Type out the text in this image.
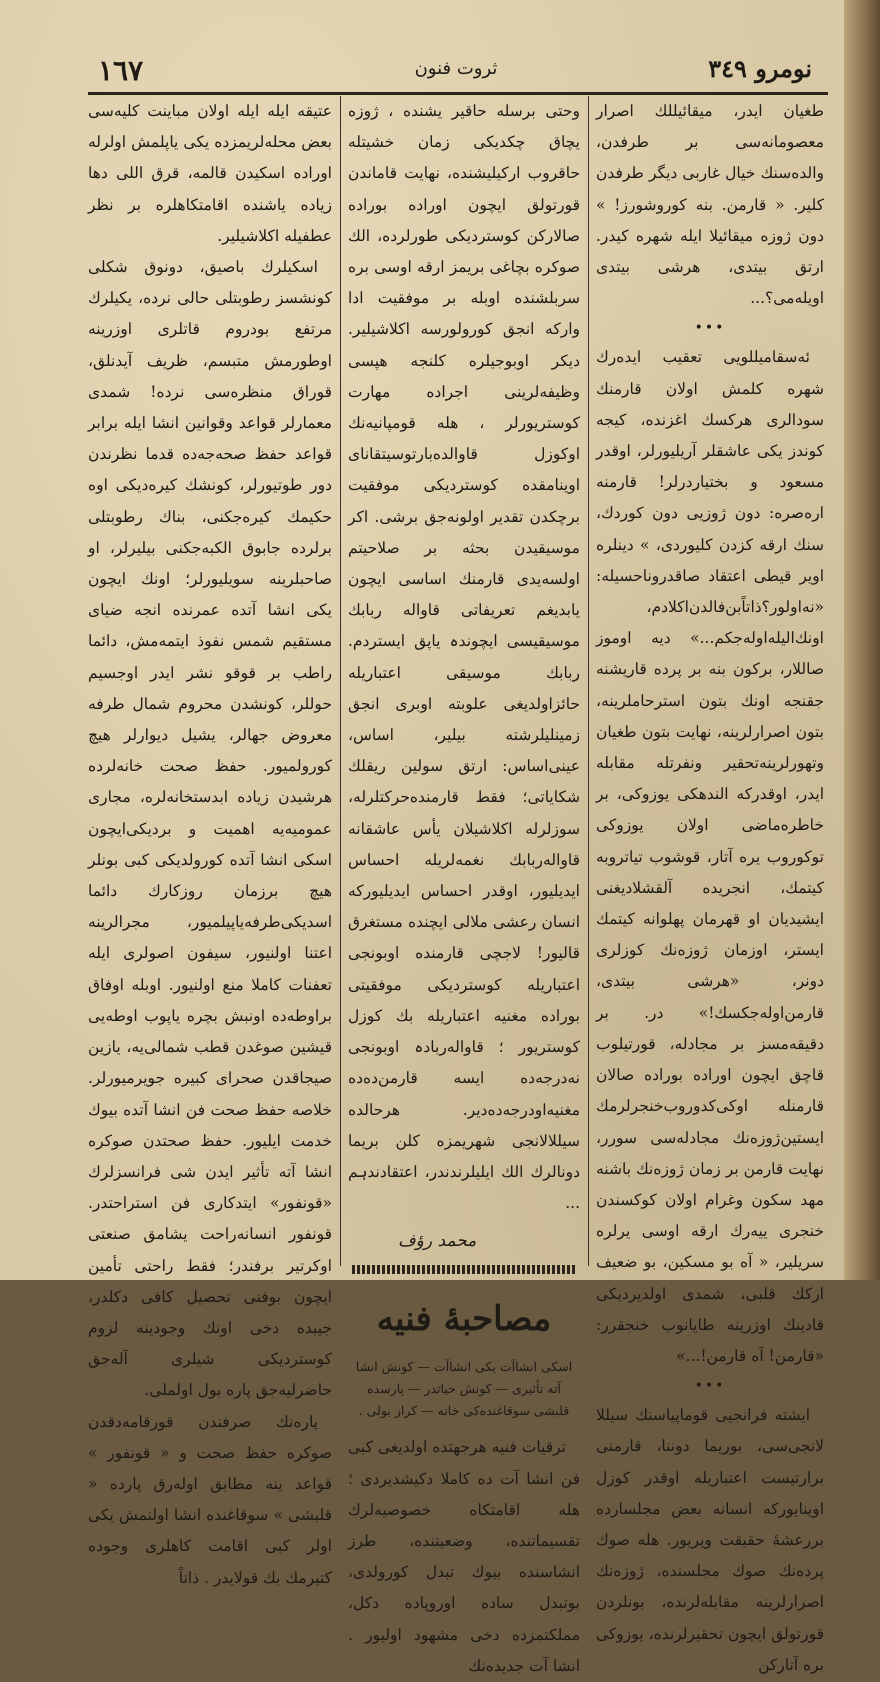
نومرو ۳٤۹
ثروت فنون
۱٦۷

طغیان ایدر، میقائیللك اصرار معصومانه‌سی بر طرفدن، والده‌سنك خیال غاربی دیگر طرفدن کلیر. « قارمن. بنه کوروشورز! » دون ژوزه میقائیلا ایله شهره کیدر. ارتق بیتدی، هرشی بیتدی اویله‌می؟...

•••

ئه‌سقامیللویی تعقیب ایده‌رك شهره کلمش اولان قارمنك سودالری هرکسك اغزنده، کیجه کوندز یکی عاشقلر آریلیورلر، اوقدر مسعود و بختیاردرلر! قارمنه اره‌صره: دون ژوزیی دون کوردك، سنك ارقه کزدن کلیوردی، » دینلره اویر قیطی اعتقاد صاقدروناحسیله: «نه‌اولور؟ذاتاًبن‌فالدن‌اکلادم، اونك‌الیله‌اوله‌جکم...» دیه اوموز صاللار، برکون بنه بر پرده قاریشنه جقنجه اونك بتون استرحاملرینه، بتون اصرارلرینه، نهایت بتون طغیان وتهورلرینه‌تحقیر ونفرتله مقابله ایدر، اوقدرکه الندهکی یوزوکی، بر خاطره‌ماضی اولان یوزوکی توکوروب یره آتار، قوشوب تیاتروبه کیتمك، انجریده آلقشلادیغنی ایشیدیان او قهرمان پهلوانه کیتمك ایستر، اوزمان ژوزه‌نك کوزلری دونر، «هرشی بیتدی، قارمن‌اوله‌جکسك!» در. بر دقیقه‌مسز بر مجادله، قورتیلوب قاچق ایچون اوراده بوراده صالان قارمنله اوکی‌کدوروب‌خنجرلرمك ایستین‌ژوزه‌نك مجادله‌سی سورر، نهایت قارمن بر زمان ژوزه‌نك باشنه مهد سکون وغرام اولان کوکسندن خنجری ییه‌رك ارقه اوسی یرلره سریلیر، « آه بو مسکین، بو ضعیف ارکك قلبی، شمدی اولدیردیکی قادینك اوزرینه طایانوب خنجقرر: «قارمن! آه قارمن!...»

•••

ایشته فرانجیی قوماپیاسنك سیللا لانجی‌سی، بوریما دوننا، قارمنی برارتیست اعتباریله اوقدر کوزل اوینایورکه انسانه بعض مجلسارده بررعشهٔ حقیقت ویریور. هله صوك پرده‌نك صوك مجلسنده، ژوزه‌نك اصرارلرینه مقابله‌لرنده، بونلردن قورتولق ایچون تحقیرلرنده، یوزوکی بره آتارکن

وحتی برسله حاقیر یشنده ، ژوزه یچاق چکدیکی زمان خشیتله حاقروب اركیلیشنده، نهایت قاماندن قورتولق ایچون اوراده بوراده صالارکن کوستردیکی طورلرده، الك صوكره بچاغی بریمز ارقه اوسی بره سربلشنده اوبله بر موفقیت ادا وارکه انجق کورولورسه اکلاشیلیر. دیکر اوبوجیلره کلنجه هپسی وظیفه‌لرینی اجراده مهارت کوستریورلر ، هله قومپانیه‌نك اوکوزل قاوالده‌بارتوسیتقانای اوینامقده کوستردیکی موفقیت برچکدن تقدیر اولونه‌جق برشی. اکر موسیقیدن بحثه بر صلاحیتم اولسه‌یدی قارمنك اساسی ایچون یابدیغم تعریفاتی قاواله ربابك موسیقیسی ایچوندہ یاپق ایسترد‌م. ربابك موسیقی اعتباریله حائزاولدیغی علوبته اوبری انجق زمینلیلرشته بیلیر، اساس، عینی‌اساس: ارتق سولین ریقلك شکایاتی؛ فقط قارمنده‌حرکتلرله، سوزلرله اکلاشیلان یأس عاشقانه قاواله‌ربابك نغمه‌لریله احساس ایدیلیور، اوقدر احساس ایدیلیورکه انسان رعشی ملالی ایچنده مستغرق قالیور! لاجچی قارمنده اوبونجی اعتباریله کوستردیکی موفقیتی بوراده مغنیه اعتباریله بك کوزل کوستریور ؛ قاواله‌ربادہ اوبونجی نه‌درجه‌ده ایسه قارمن‌ده‌ده مغنیه‌اودرجه‌ده‌دیر. هرحالده سیللالانجی شهریمزه کلن بریما دونالرك الك ایلیلرندندر، اعتقادندہم ...

محمد رؤف

مصاحبهٔ فنیه

اسکی انشاآت یکی انشاآت — کونش انشا آته تأثیری — کونش حیاتدر — پارسده قلبشی سوقاغنده‌کی خانه — کراز بولی .

ترقیات فنیه هرجهتده اولدیغی کبی فن انشا آت ده کاملا دکیشدیردی ؛ هله اقامتکاه خصوصیه‌لرك تقسیماتنده، وضعیتنده، طرز انشاسنده بیوك تبدل کورولدی، بوتبدل ساده اوروپاده دکل، مملکتمزده دخی مشهود اولیور . انشا آت جدیده‌نك

عتیقه ایله ایله اولان مباینت کلیه‌سی بعض محله‌لریمزده یکی یاپلمش اولرله اوراده اسکیدن قالمه، قرق اللی دها زیاده یاشنده اقامتکاهلره بر نظر عطفیله اکلاشیلیر.

اسکیلرك باصیق، دونوق شکلی کونشسز رطوبتلی حالی نرده، یکیلرك مرتفع بودروم قاتلری اوزرینه اوطورمش متبسم، ظریف آیدنلق، قوراق منظره‌سی نرده! شمدی معمارلر قواعد وقوانین انشا ایله برابر قواعد حفظ صحه‌جه‌ده قدما نظرندن دور طوتیورلر، کونشك کیره‌دیکی اوه حکیمك کیره‌جکنی، بناك رطوبتلی برلرده جابوق الکبه‌جکنی بیلیرلر، او صاحبلرینه سویلیورلر؛ اونك ایچون یکی انشا آتده عمرنده انجه ضیای مستقیم شمس نفوذ ایتمه‌مش، دائما راطب بر قوقو نشر ایدر اوجسیم حوللر، کونشدن محروم شمال طرفه معروض جهالر، یشیل دیوارلر هیچ کورولمیور. حفظ صحت خانه‌لرده هرشیدن زیاده ابدستخانه‌لره، مجاری عمومیه‌یه اهمیت و بردیکی‌ایچون اسکی انشا آتده کورولدیکی کبی بونلر هیچ برزمان روزکارك دائما اسدیکی‌طرفه‌یاپیلمیور، مجرالرینه اعتنا اولنیور، سیفون اصولری ایله تعفنات کاملا منع اولنیور. اوبله اوفاق براوطه‌ده اونبش بچره یاپوب اوطه‌یی قیشین صوغدن قطب شمالی‌یه، یازین صیجاقدن صحرای کبیره جویرمیورلر. خلاصه حفظ صحت فن انشا آتده بیوك خدمت ایلیور. حفظ صحتدن صوکره انشا آته تأثیر ایدن شی فرانسزلرك «قونفور» ایتدکاری فن استراحتدر. قونفور انسانه‌راحت یشامق صنعتی اوکرتیر برفندر؛ فقط راحتی تأمین ایچون بوفنی تحصیل کافی دکلدر، جیبده دخی اونك وجودینه لزوم کوستردیکی شیلری آله‌جق حاضرلیه‌جق پاره بول اولملی.

پاره‌نك صرفندن قورقامه‌دقدن صوکره حفظ صحت و « قونفور » قواعد ینه مطابق اوله‌رق پارده « قلبشی » سوقاغنده انشا اولنمش یکی اولر کبی اقامت کاهلری وجوده کتیرمك بك قولایدر . ذاتاً
